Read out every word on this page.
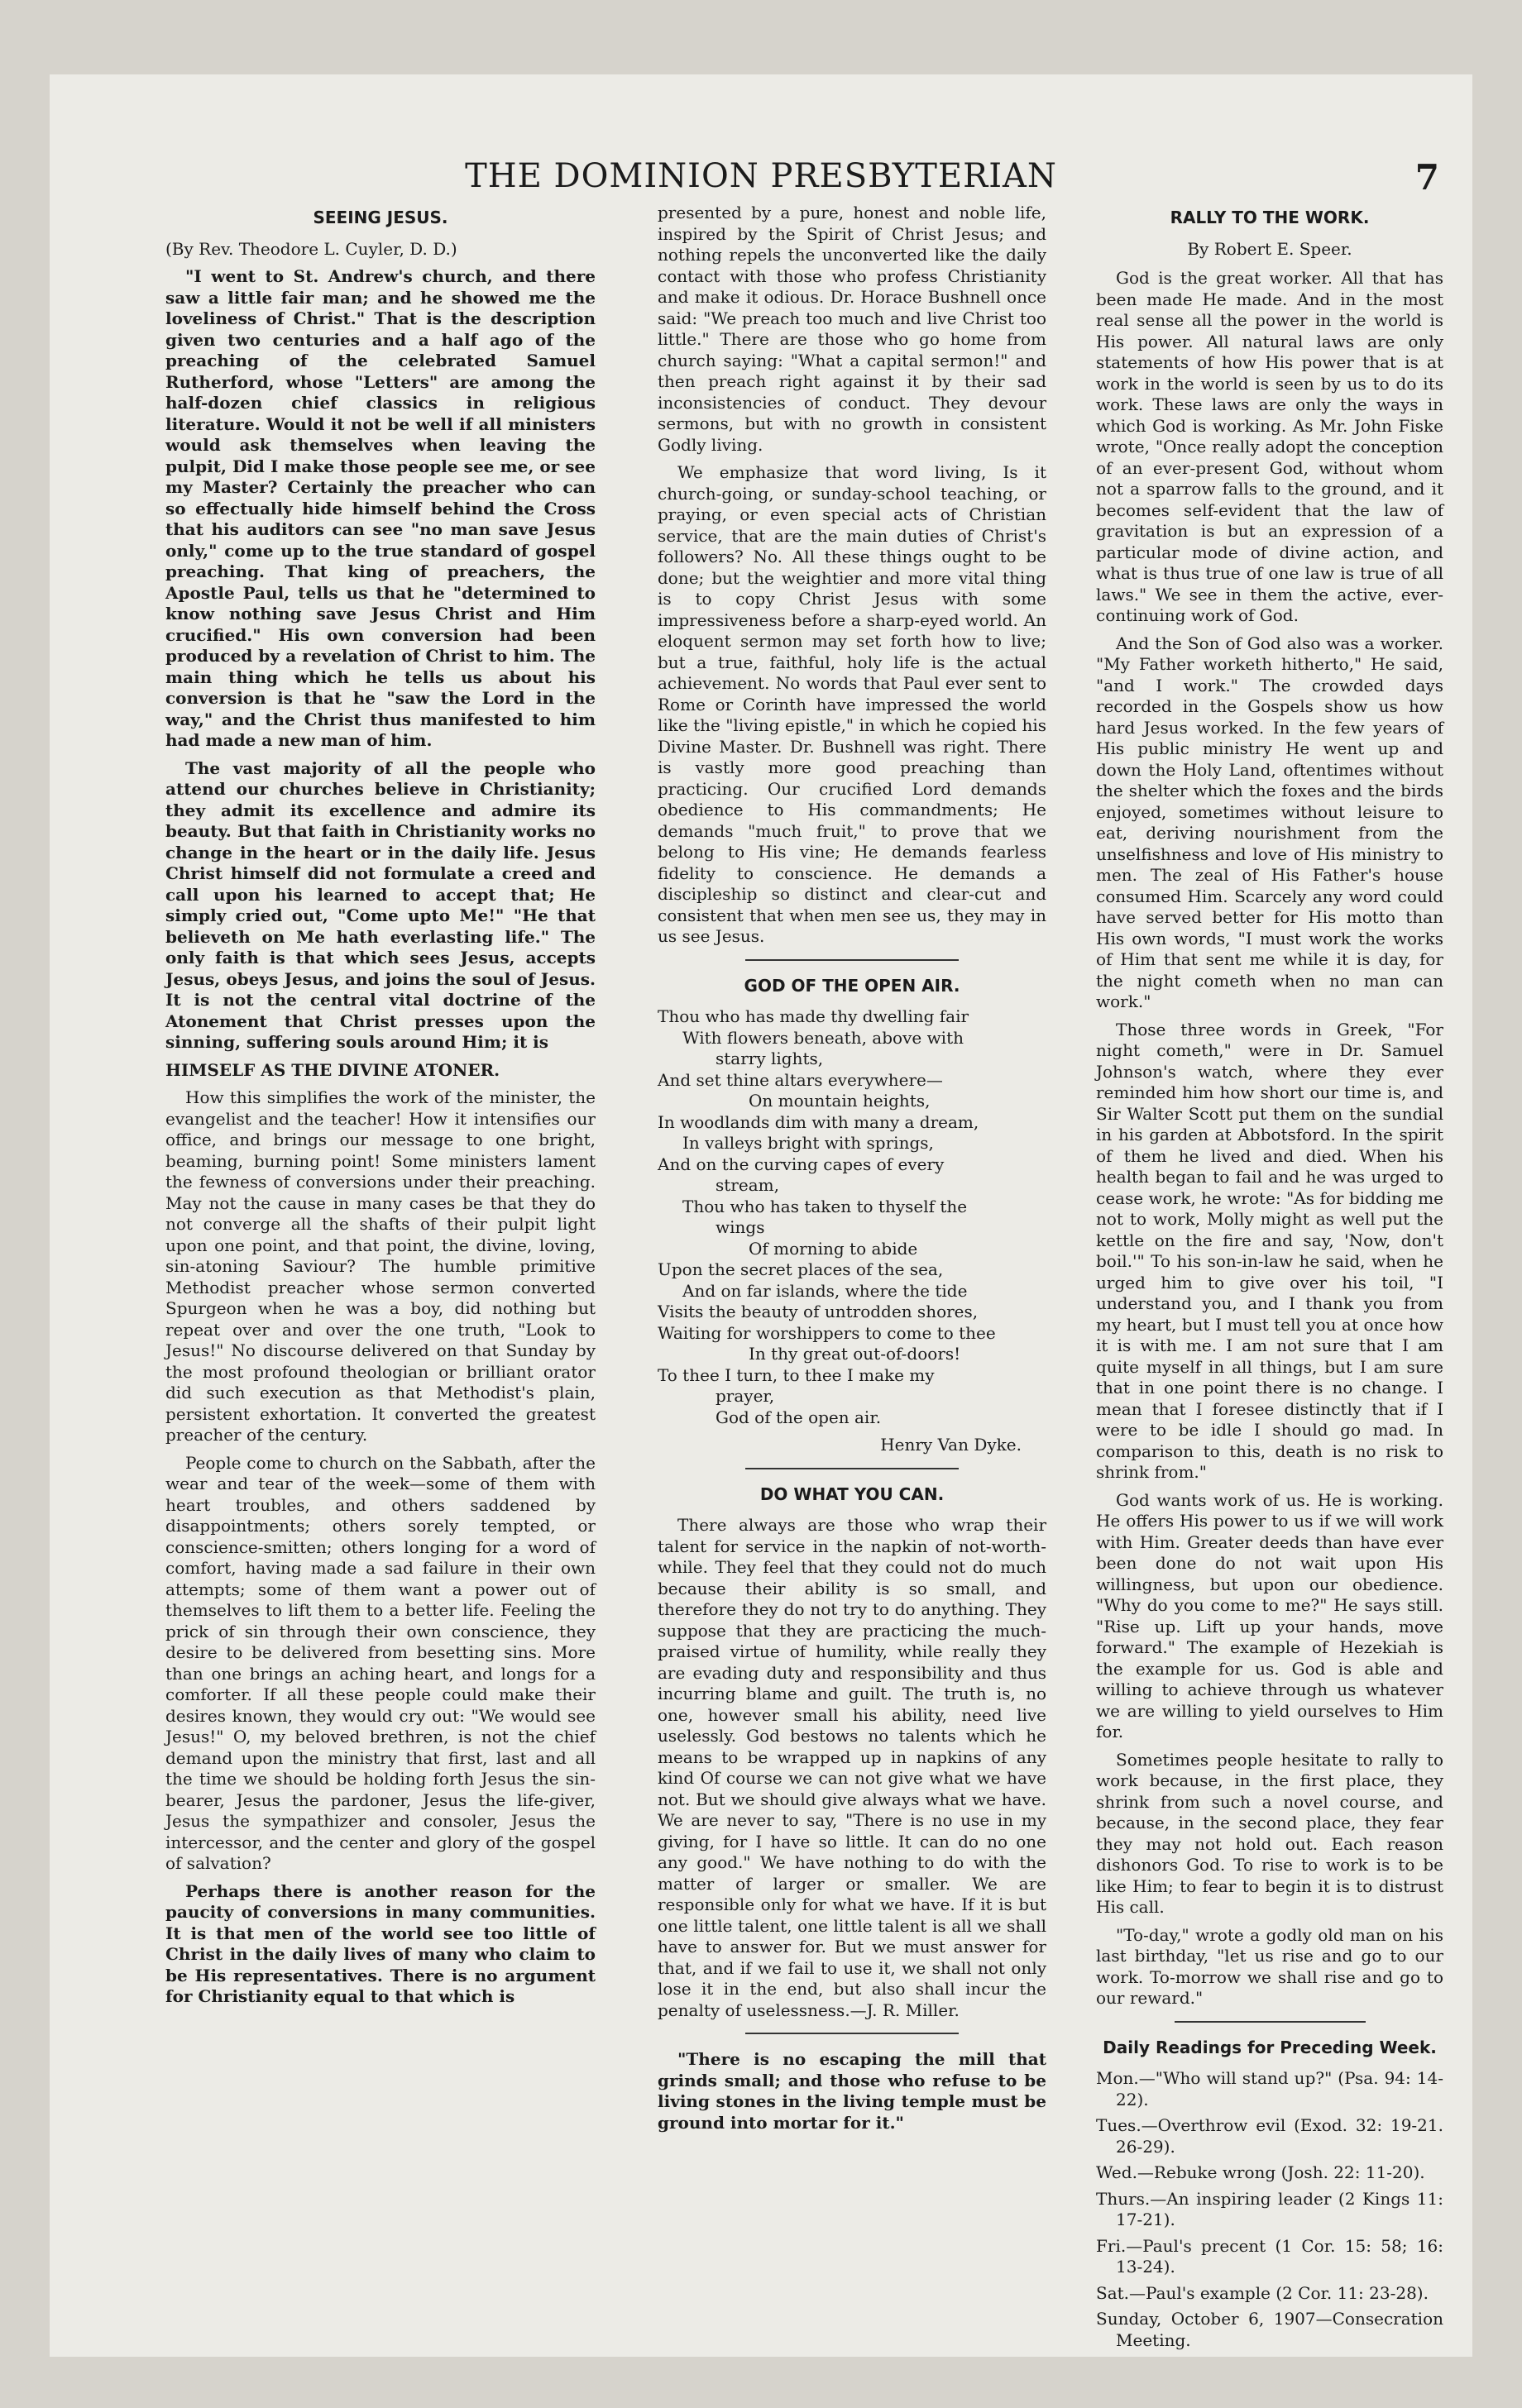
THE DOMINION PRESBYTERIAN	7
SEEING JESUS.

(By Rev. Theodore L. Cuyler, D. D.)

"I went to St. Andrew's church, and there saw a little fair man; and he showed me the loveliness of Christ." That is the description given two centuries and a half ago of the preaching of the celebrated Samuel Rutherford, whose "Letters" are among the half-dozen chief classics in religious literature. Would it not be well if all ministers would ask themselves when leaving the pulpit, Did I make those people see me, or see my Master? Certainly the preacher who can so effectually hide himself behind the Cross that his auditors can see "no man save Jesus only," come up to the true standard of gospel preaching. That king of preachers, the Apostle Paul, tells us that he "determined to know nothing save Jesus Christ and Him crucified." His own conversion had been produced by a revelation of Christ to him. The main thing which he tells us about his conversion is that he "saw the Lord in the way," and the Christ thus manifested to him had made a new man of him.

The vast majority of all the people who attend our churches believe in Christianity; they admit its excellence and admire its beauty. But that faith in Christianity works no change in the heart or in the daily life. Jesus Christ himself did not formulate a creed and call upon his learned to accept that; He simply cried out, "Come upto Me!" "He that believeth on Me hath everlasting life." The only faith is that which sees Jesus, accepts Jesus, obeys Jesus, and joins the soul of Jesus. It is not the central vital doctrine of the Atonement that Christ presses upon the sinning, suffering souls around Him; it is

HIMSELF AS THE DIVINE ATONER.

How this simplifies the work of the minister, the evangelist and the teacher! How it intensifies our office, and brings our message to one bright, beaming, burning point! Some ministers lament the fewness of conversions under their preaching. May not the cause in many cases be that they do not converge all the shafts of their pulpit light upon one point, and that point, the divine, loving, sin-atoning Saviour? The humble primitive Methodist preacher whose sermon converted Spurgeon when he was a boy, did nothing but repeat over and over the one truth, "Look to Jesus!" No discourse delivered on that Sunday by the most profound theologian or brilliant orator did such execution as that Methodist's plain, persistent exhortation. It converted the greatest preacher of the century.

People come to church on the Sabbath, after the wear and tear of the week—some of them with heart troubles, and others saddened by disappointments; others sorely tempted, or conscience-smitten; others longing for a word of comfort, having made a sad failure in their own attempts; some of them want a power out of themselves to lift them to a better life. Feeling the prick of sin through their own conscience, they desire to be delivered from besetting sins. More than one brings an aching heart, and longs for a comforter. If all these people could make their desires known, they would cry out: "We would see Jesus!" O, my beloved brethren, is not the chief demand upon the ministry that first, last and all the time we should be holding forth Jesus the sin-bearer, Jesus the pardoner, Jesus the life-giver, Jesus the sympathizer and consoler, Jesus the intercessor, and the center and glory of the gospel of salvation?

Perhaps there is another reason for the paucity of conversions in many communities. It is that men of the world see too little of Christ in the daily lives of many who claim to be His representatives. There is no argument for Christianity equal to that which is

presented by a pure, honest and noble life, inspired by the Spirit of Christ Jesus; and nothing repels the unconverted like the daily contact with those who profess Christianity and make it odious. Dr. Horace Bushnell once said: "We preach too much and live Christ too little." There are those who go home from church saying: "What a capital sermon!" and then preach right against it by their sad inconsistencies of conduct. They devour sermons, but with no growth in consistent Godly living.

We emphasize that word living, Is it church-going, or sunday-school teaching, or praying, or even special acts of Christian service, that are the main duties of Christ's followers? No. All these things ought to be done; but the weightier and more vital thing is to copy Christ Jesus with some impressiveness before a sharp-eyed world. An eloquent sermon may set forth how to live; but a true, faithful, holy life is the actual achievement. No words that Paul ever sent to Rome or Corinth have impressed the world like the "living epistle," in which he copied his Divine Master. Dr. Bushnell was right. There is vastly more good preaching than practicing. Our crucified Lord demands obedience to His commandments; He demands "much fruit," to prove that we belong to His vine; He demands fearless fidelity to conscience. He demands a discipleship so distinct and clear-cut and consistent that when men see us, they may in us see Jesus.

GOD OF THE OPEN AIR.
Thou who has made thy dwelling fair
With flowers beneath, above with
starry lights,
And set thine altars everywhere—
On mountain heights,
In woodlands dim with many a dream,
In valleys bright with springs,
And on the curving capes of every
stream,
Thou who has taken to thyself the
wings
Of morning to abide
Upon the secret places of the sea,
And on far islands, where the tide
Visits the beauty of untrodden shores,
Waiting for worshippers to come to thee
In thy great out-of-doors!
To thee I turn, to thee I make my
prayer,
God of the open air.
Henry Van Dyke.
DO WHAT YOU CAN.

There always are those who wrap their talent for service in the napkin of not-worth-while. They feel that they could not do much because their ability is so small, and therefore they do not try to do anything. They suppose that they are practicing the much-praised virtue of humility, while really they are evading duty and responsibility and thus incurring blame and guilt. The truth is, no one, however small his ability, need live uselessly. God bestows no talents which he means to be wrapped up in napkins of any kind Of course we can not give what we have not. But we should give always what we have. We are never to say, "There is no use in my giving, for I have so little. It can do no one any good." We have nothing to do with the matter of larger or smaller. We are responsible only for what we have. If it is but one little talent, one little talent is all we shall have to answer for. But we must answer for that, and if we fail to use it, we shall not only lose it in the end, but also shall incur the penalty of uselessness.—J. R. Miller.

"There is no escaping the mill that grinds small; and those who refuse to be living stones in the living temple must be ground into mortar for it."

RALLY TO THE WORK.
By Robert E. Speer.

God is the great worker. All that has been made He made. And in the most real sense all the power in the world is His power. All natural laws are only statements of how His power that is at work in the world is seen by us to do its work. These laws are only the ways in which God is working. As Mr. John Fiske wrote, "Once really adopt the conception of an ever-present God, without whom not a sparrow falls to the ground, and it becomes self-evident that the law of gravitation is but an expression of a particular mode of divine action, and what is thus true of one law is true of all laws." We see in them the active, ever-continuing work of God.

And the Son of God also was a worker. "My Father worketh hitherto," He said, "and I work." The crowded days recorded in the Gospels show us how hard Jesus worked. In the few years of His public ministry He went up and down the Holy Land, oftentimes without the shelter which the foxes and the birds enjoyed, sometimes without leisure to eat, deriving nourishment from the unselfishness and love of His ministry to men. The zeal of His Father's house consumed Him. Scarcely any word could have served better for His motto than His own words, "I must work the works of Him that sent me while it is day, for the night cometh when no man can work."

Those three words in Greek, "For night cometh," were in Dr. Samuel Johnson's watch, where they ever reminded him how short our time is, and Sir Walter Scott put them on the sundial in his garden at Abbotsford. In the spirit of them he lived and died. When his health began to fail and he was urged to cease work, he wrote: "As for bidding me not to work, Molly might as well put the kettle on the fire and say, 'Now, don't boil.'" To his son-in-law he said, when he urged him to give over his toil, "I understand you, and I thank you from my heart, but I must tell you at once how it is with me. I am not sure that I am quite myself in all things, but I am sure that in one point there is no change. I mean that I foresee distinctly that if I were to be idle I should go mad. In comparison to this, death is no risk to shrink from."

God wants work of us. He is working. He offers His power to us if we will work with Him. Greater deeds than have ever been done do not wait upon His willingness, but upon our obedience. "Why do you come to me?" He says still. "Rise up. Lift up your hands, move forward." The example of Hezekiah is the example for us. God is able and willing to achieve through us whatever we are willing to yield ourselves to Him for.

Sometimes people hesitate to rally to work because, in the first place, they shrink from such a novel course, and because, in the second place, they fear they may not hold out. Each reason dishonors God. To rise to work is to be like Him; to fear to begin it is to distrust His call.

"To-day," wrote a godly old man on his last birthday, "let us rise and go to our work. To-morrow we shall rise and go to our reward."

Daily Readings for Preceding Week.
Mon.—"Who will stand up?" (Psa. 94: 14-22).
Tues.—Overthrow evil (Exod. 32: 19-21. 26-29).
Wed.—Rebuke wrong (Josh. 22: 11-20).
Thurs.—An inspiring leader (2 Kings 11: 17-21).
Fri.—Paul's precent (1 Cor. 15: 58; 16: 13-24).
Sat.—Paul's example (2 Cor. 11: 23-28).
Sunday, October 6, 1907—Consecration Meeting.
